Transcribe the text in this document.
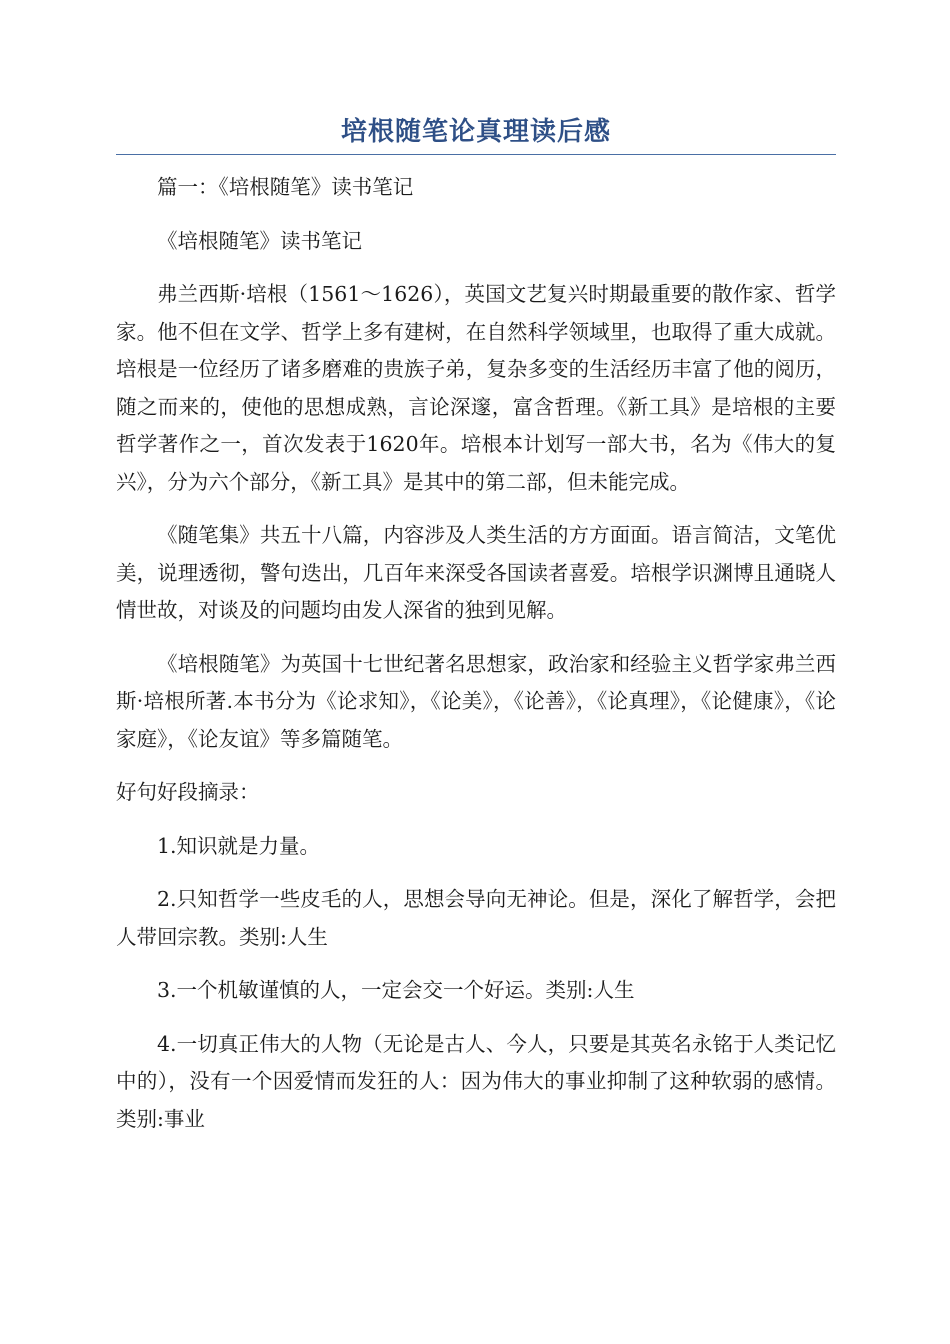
培根随笔论真理读后感

篇一：《培根随笔》读书笔记

《培根随笔》读书笔记

弗兰西斯·培根（1561～1626），英国文艺复兴时期最重要的散作家、哲学家。他不但在文学、哲学上多有建树，在自然科学领域里，也取得了重大成就。培根是一位经历了诸多磨难的贵族子弟，复杂多变的生活经历丰富了他的阅历，随之而来的，使他的思想成熟，言论深邃，富含哲理。《新工具》是培根的主要哲学著作之一，首次发表于1620年。培根本计划写一部大书，名为《伟大的复兴》，分为六个部分，《新工具》是其中的第二部，但未能完成。

《随笔集》共五十八篇，内容涉及人类生活的方方面面。语言简洁，文笔优美，说理透彻，警句迭出，几百年来深受各国读者喜爱。培根学识渊博且通晓人情世故，对谈及的问题均由发人深省的独到见解。

《培根随笔》为英国十七世纪著名思想家，政治家和经验主义哲学家弗兰西斯·培根所著.本书分为《论求知》，《论美》，《论善》，《论真理》，《论健康》，《论家庭》，《论友谊》等多篇随笔。

好句好段摘录：

1.知识就是力量。

2.只知哲学一些皮毛的人，思想会导向无神论。但是，深化了解哲学，会把人带回宗教。类别:人生

3.一个机敏谨慎的人，一定会交一个好运。类别:人生

4.一切真正伟大的人物（无论是古人、今人，只要是其英名永铭于人类记忆中的），没有一个因爱情而发狂的人：因为伟大的事业抑制了这种软弱的感情。类别:事业
